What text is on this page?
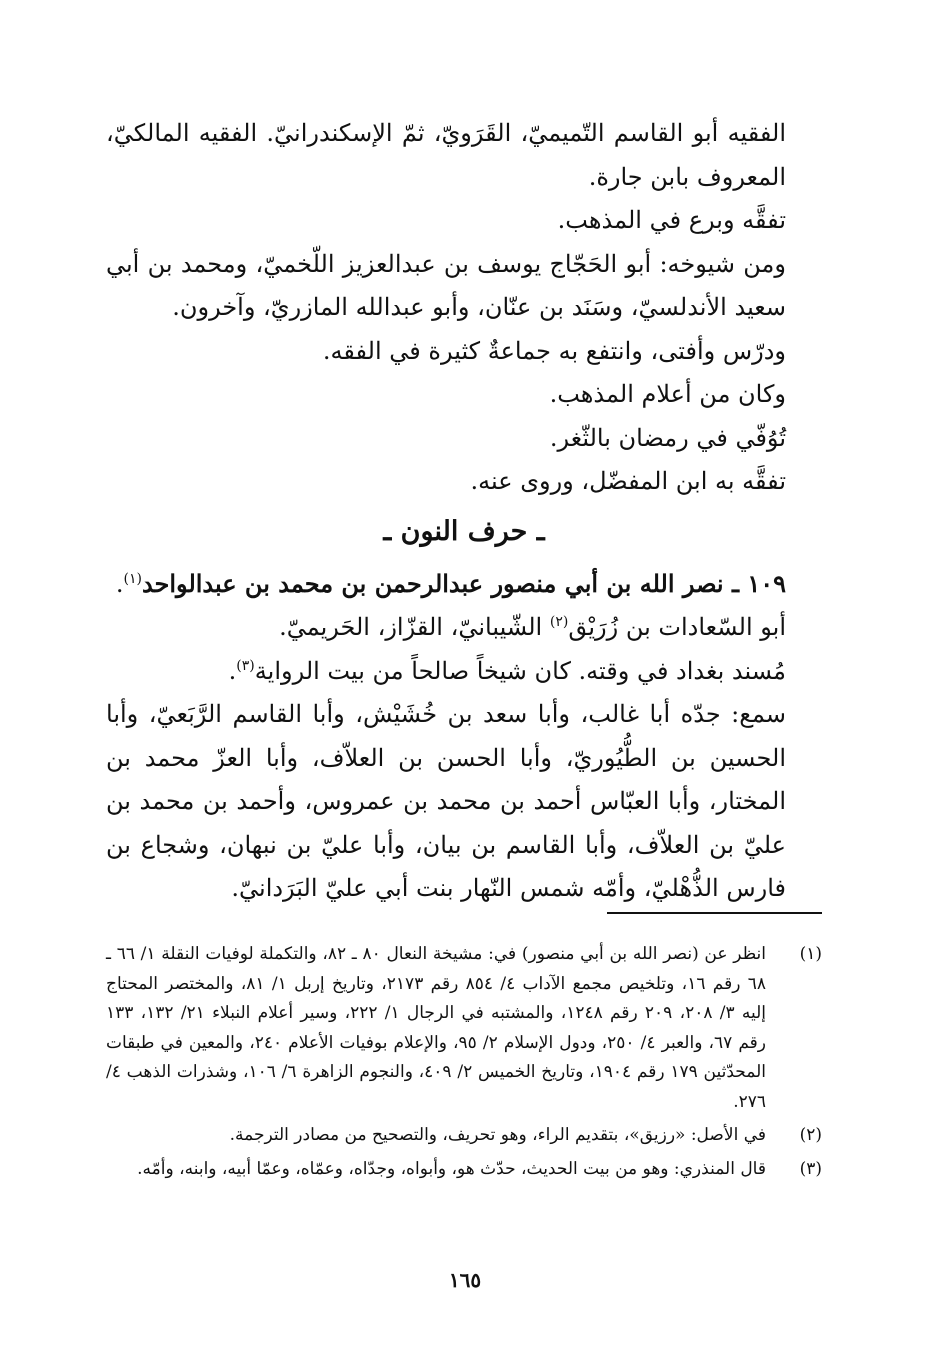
الفقيه أبو القاسم التّميميّ، القَرَويّ، ثمّ الإسكندرانيّ. الفقيه المالكيّ، المعروف بابن جارة.

تفقَّه وبرع في المذهب.

ومن شيوخه: أبو الحَجّاج يوسف بن عبدالعزيز اللّخميّ، ومحمد بن أبي سعيد الأندلسيّ، وسَنَد بن عنّان، وأبو عبدالله المازريّ، وآخرون.

ودرّس وأفتى، وانتفع به جماعةٌ كثيرة في الفقه.

وكان من أعلام المذهب.

تُوُفّي في رمضان بالثّغر.

تفقَّه به ابن المفضّل، وروى عنه.

ـ حرف النون ـ

١٠٩ ـ نصر الله بن أبي منصور عبدالرحمن بن محمد بن عبدالواحد$^{(١)}$.

أبو السّعادات بن زُرَيْق$^{(٢)}$ الشّيبانيّ، القزّاز، الحَريميّ.

مُسند بغداد في وقته. كان شيخاً صالحاً من بيت الرواية$^{(٣)}$.

سمع: جدّه أبا غالب، وأبا سعد بن خُشَيْش، وأبا القاسم الرَّبَعيّ، وأبا الحسين بن الطُّيُوريّ، وأبا الحسن بن العلاّف، وأبا العزّ محمد بن المختار، وأبا العبّاس أحمد بن محمد بن عمروس، وأحمد بن محمد بن عليّ بن العلاّف، وأبا القاسم بن بيان، وأبا عليّ بن نبهان، وشجاع بن فارس الذُّهْليّ، وأمّه شمس النّهار بنت أبي عليّ البَرَدانيّ.

(١)
انظر عن (نصر الله بن أبي منصور) في: مشيخة النعال ٨٠ ـ ٨٢، والتكملة لوفيات النقلة ١/ ٦٦ ـ ٦٨ رقم ١٦، وتلخيص مجمع الآداب ٤/ ٨٥٤ رقم ٢١٧٣، وتاريخ إربل ١/ ٨١، والمختصر المحتاج إليه ٣/ ٢٠٨، ٢٠٩ رقم ١٢٤٨، والمشتبه في الرجال ١/ ٢٢٢، وسير أعلام النبلاء ٢١/ ١٣٢، ١٣٣ رقم ٦٧، والعبر ٤/ ٢٥٠، ودول الإسلام ٢/ ٩٥، والإعلام بوفيات الأعلام ٢٤٠، والمعين في طبقات المحدّثين ١٧٩ رقم ١٩٠٤، وتاريخ الخميس ٢/ ٤٠٩، والنجوم الزاهرة ٦/ ١٠٦، وشذرات الذهب ٤/ ٢٧٦.
(٢)
في الأصل: «رزيق»، بتقديم الراء، وهو تحريف، والتصحيح من مصادر الترجمة.
(٣)
قال المنذري: وهو من بيت الحديث، حدّث هو، وأبواه، وجدّاه، وعمّاه، وعمّا أبيه، وابنه، وأمّه.
١٦٥
